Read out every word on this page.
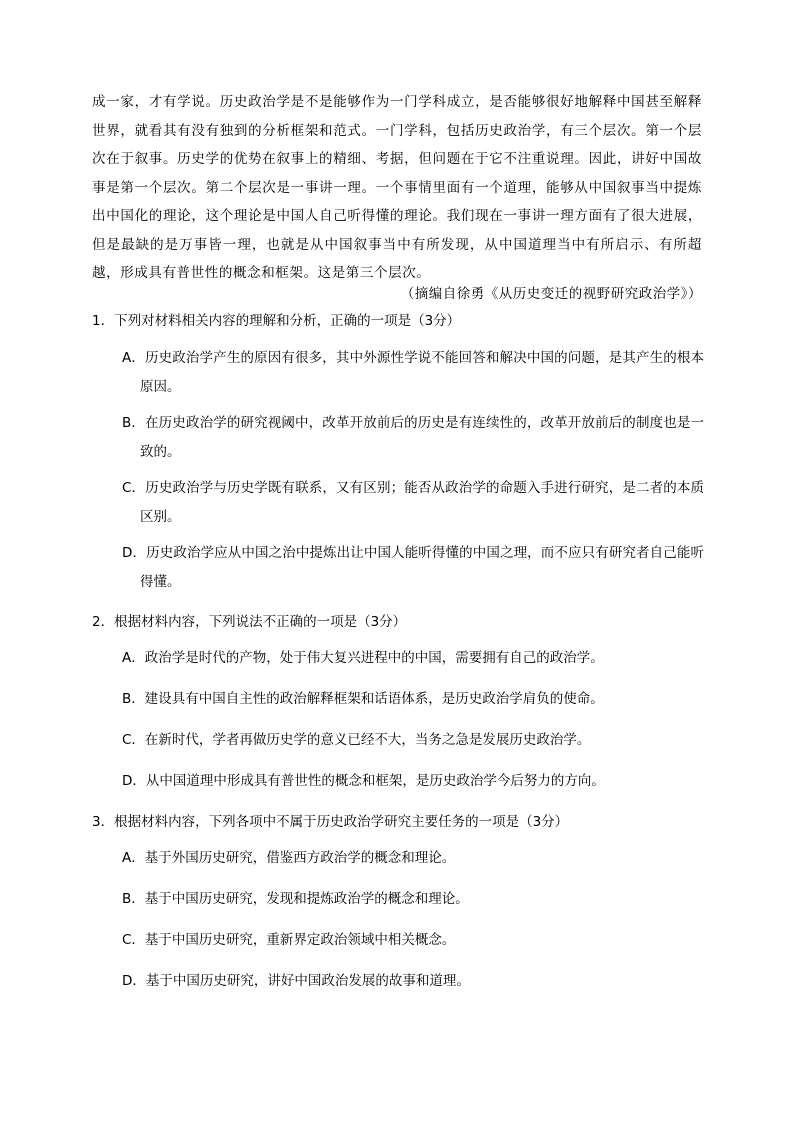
成一家，才有学说。历史政治学是不是能够作为一门学科成立，是否能够很好地解释中国甚至解释世界，就看其有没有独到的分析框架和范式。一门学科，包括历史政治学，有三个层次。第一个层次在于叙事。历史学的优势在叙事上的精细、考据，但问题在于它不注重说理。因此，讲好中国故事是第一个层次。第二个层次是一事讲一理。一个事情里面有一个道理，能够从中国叙事当中提炼出中国化的理论，这个理论是中国人自己听得懂的理论。我们现在一事讲一理方面有了很大进展，但是最缺的是万事皆一理，也就是从中国叙事当中有所发现，从中国道理当中有所启示、有所超越，形成具有普世性的概念和框架。这是第三个层次。
（摘编自徐勇《从历史变迁的视野研究政治学》）

1．下列对材料相关内容的理解和分析，正确的一项是（3分）

A．历史政治学产生的原因有很多，其中外源性学说不能回答和解决中国的问题，是其产生的根本原因。
B．在历史政治学的研究视阈中，改革开放前后的历史是有连续性的，改革开放前后的制度也是一致的。
C．历史政治学与历史学既有联系，又有区别；能否从政治学的命题入手进行研究，是二者的本质区别。
D．历史政治学应从中国之治中提炼出让中国人能听得懂的中国之理，而不应只有研究者自己能听得懂。

2．根据材料内容，下列说法不正确的一项是（3分）

A．政治学是时代的产物，处于伟大复兴进程中的中国，需要拥有自己的政治学。
B．建设具有中国自主性的政治解释框架和话语体系，是历史政治学肩负的使命。
C．在新时代，学者再做历史学的意义已经不大，当务之急是发展历史政治学。
D．从中国道理中形成具有普世性的概念和框架，是历史政治学今后努力的方向。

3．根据材料内容，下列各项中不属于历史政治学研究主要任务的一项是（3分）

A．基于外国历史研究，借鉴西方政治学的概念和理论。
B．基于中国历史研究，发现和提炼政治学的概念和理论。
C．基于中国历史研究，重新界定政治领域中相关概念。
D．基于中国历史研究，讲好中国政治发展的故事和道理。
